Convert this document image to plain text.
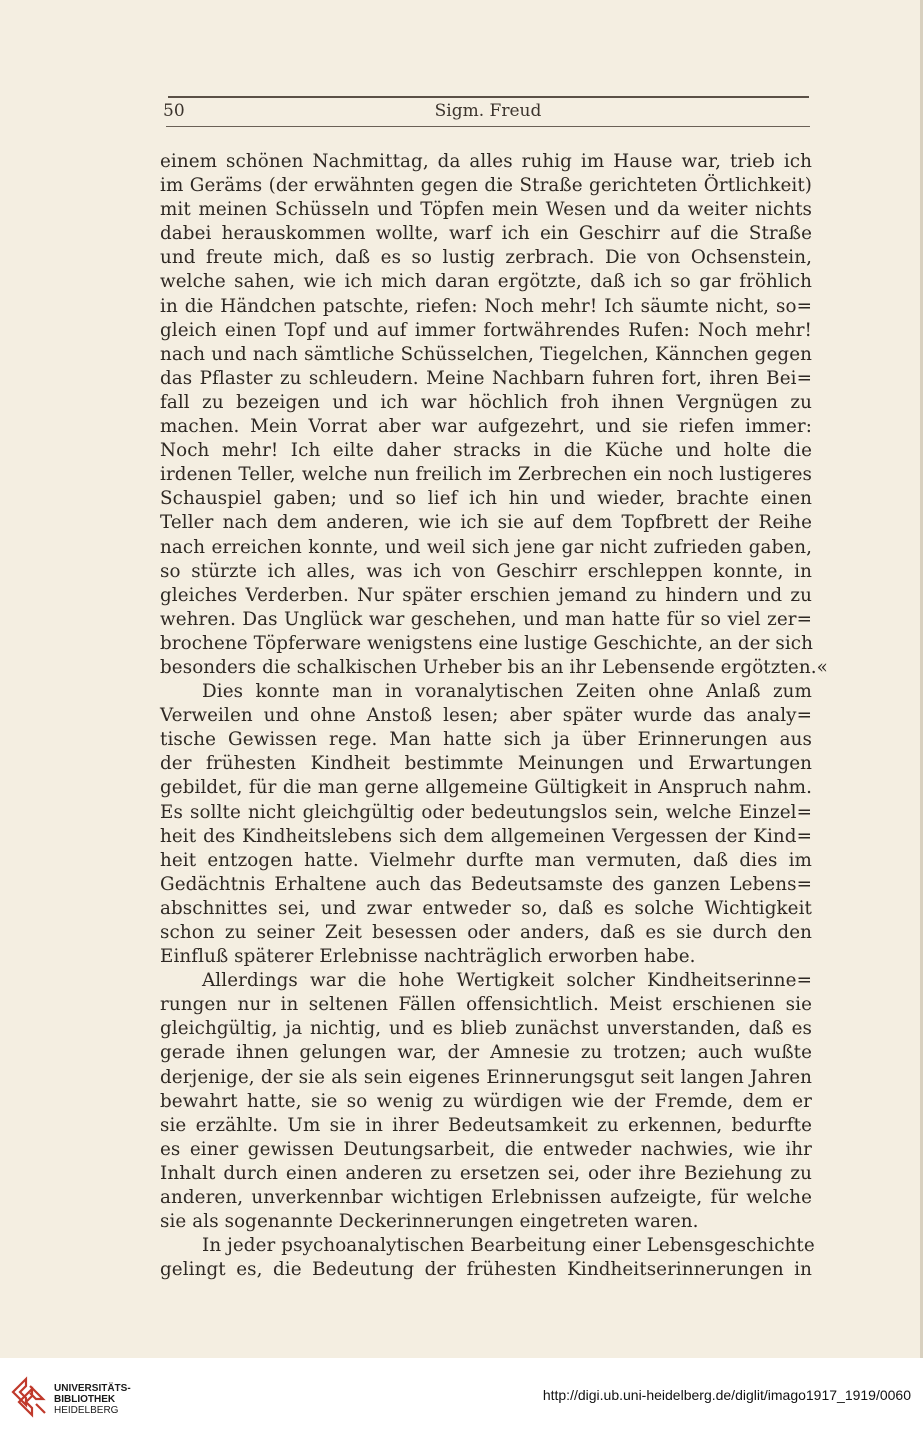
50	Sigm. Freud
einem schönen Nachmittag, da alles ruhig im Hause war, trieb ich
im Geräms (der erwähnten gegen die Straße gerichteten Örtlichkeit)
mit meinen Schüsseln und Töpfen mein Wesen und da weiter nichts
dabei herauskommen wollte, warf ich ein Geschirr auf die Straße
und freute mich, daß es so lustig zerbrach. Die von Ochsenstein,
welche sahen, wie ich mich daran ergötzte, daß ich so gar fröhlich
in die Händchen patschte, riefen: Noch mehr! Ich säumte nicht, so=
gleich einen Topf und auf immer fortwährendes Rufen: Noch mehr!
nach und nach sämtliche Schüsselchen, Tiegelchen, Kännchen gegen
das Pflaster zu schleudern. Meine Nachbarn fuhren fort, ihren Bei=
fall zu bezeigen und ich war höchlich froh ihnen Vergnügen zu
machen. Mein Vorrat aber war aufgezehrt, und sie riefen immer:
Noch mehr! Ich eilte daher stracks in die Küche und holte die
irdenen Teller, welche nun freilich im Zerbrechen ein noch lustigeres
Schauspiel gaben; und so lief ich hin und wieder, brachte einen
Teller nach dem anderen, wie ich sie auf dem Topfbrett der Reihe
nach erreichen konnte, und weil sich jene gar nicht zufrieden gaben,
so stürzte ich alles, was ich von Geschirr erschleppen konnte, in
gleiches Verderben. Nur später erschien jemand zu hindern und zu
wehren. Das Unglück war geschehen, und man hatte für so viel zer=
brochene Töpferware wenigstens eine lustige Geschichte, an der sich
besonders die schalkischen Urheber bis an ihr Lebensende ergötzten.«
Dies konnte man in voranalytischen Zeiten ohne Anlaß zum
Verweilen und ohne Anstoß lesen; aber später wurde das analy=
tische Gewissen rege. Man hatte sich ja über Erinnerungen aus
der frühesten Kindheit bestimmte Meinungen und Erwartungen
gebildet, für die man gerne allgemeine Gültigkeit in Anspruch nahm.
Es sollte nicht gleichgültig oder bedeutungslos sein, welche Einzel=
heit des Kindheitslebens sich dem allgemeinen Vergessen der Kind=
heit entzogen hatte. Vielmehr durfte man vermuten, daß dies im
Gedächtnis Erhaltene auch das Bedeutsamste des ganzen Lebens=
abschnittes sei, und zwar entweder so, daß es solche Wichtigkeit
schon zu seiner Zeit besessen oder anders, daß es sie durch den
Einfluß späterer Erlebnisse nachträglich erworben habe.
Allerdings war die hohe Wertigkeit solcher Kindheitserinne=
rungen nur in seltenen Fällen offensichtlich. Meist erschienen sie
gleichgültig, ja nichtig, und es blieb zunächst unverstanden, daß es
gerade ihnen gelungen war, der Amnesie zu trotzen; auch wußte
derjenige, der sie als sein eigenes Erinnerungsgut seit langen Jahren
bewahrt hatte, sie so wenig zu würdigen wie der Fremde, dem er
sie erzählte. Um sie in ihrer Bedeutsamkeit zu erkennen, bedurfte
es einer gewissen Deutungsarbeit, die entweder nachwies, wie ihr
Inhalt durch einen anderen zu ersetzen sei, oder ihre Beziehung zu
anderen, unverkennbar wichtigen Erlebnissen aufzeigte, für welche
sie als sogenannte Deckerinnerungen eingetreten waren.
In jeder psychoanalytischen Bearbeitung einer Lebensgeschichte
gelingt es, die Bedeutung der frühesten Kindheitserinnerungen in
UNIVERSITÄTS-
BIBLIOTHEK
HEIDELBERG
http://digi.ub.uni-heidelberg.de/diglit/imago1917_1919/0060
